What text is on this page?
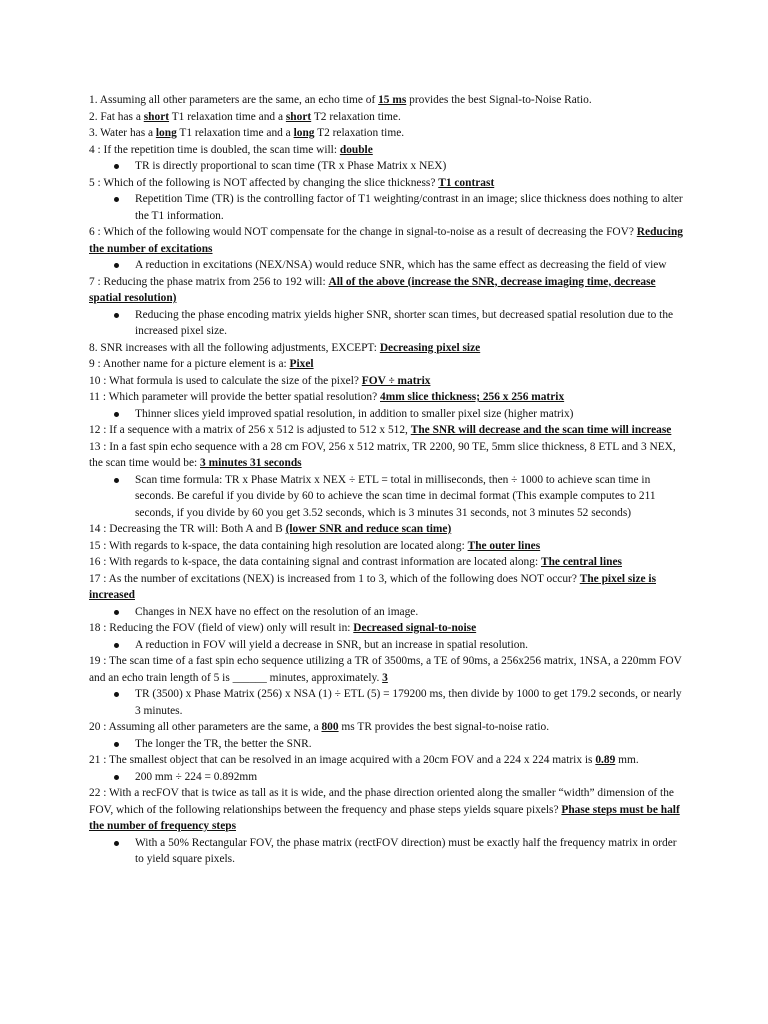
1. Assuming all other parameters are the same, an echo time of 15 ms provides the best Signal-to-Noise Ratio.

2. Fat has a short T1 relaxation time and a short T2 relaxation time.

3. Water has a long T1 relaxation time and a long T2 relaxation time.

4 : If the repetition time is doubled, the scan time will: double

TR is directly proportional to scan time (TR x Phase Matrix x NEX)

5 : Which of the following is NOT affected by changing the slice thickness? T1 contrast

Repetition Time (TR) is the controlling factor of T1 weighting/contrast in an image; slice thickness does nothing to alter the T1 information.

6 : Which of the following would NOT compensate for the change in signal-to-noise as a result of decreasing the FOV? Reducing the number of excitations

A reduction in excitations (NEX/NSA) would reduce SNR, which has the same effect as decreasing the field of view

7 : Reducing the phase matrix from 256 to 192 will: All of the above (increase the SNR, decrease imaging time, decrease spatial resolution)

Reducing the phase encoding matrix yields higher SNR, shorter scan times, but decreased spatial resolution due to the increased pixel size.

8. SNR increases with all the following adjustments, EXCEPT: Decreasing pixel size

9 : Another name for a picture element is a: Pixel

10 : What formula is used to calculate the size of the pixel? FOV ÷ matrix

11 : Which parameter will provide the better spatial resolution? 4mm slice thickness; 256 x 256 matrix

Thinner slices yield improved spatial resolution, in addition to smaller pixel size (higher matrix)

12 : If a sequence with a matrix of 256 x 512 is adjusted to 512 x 512, The SNR will decrease and the scan time will increase

13 : In a fast spin echo sequence with a 28 cm FOV, 256 x 512 matrix, TR 2200, 90 TE, 5mm slice thickness, 8 ETL and 3 NEX, the scan time would be: 3 minutes 31 seconds

Scan time formula: TR x Phase Matrix x NEX ÷ ETL = total in milliseconds, then ÷ 1000 to achieve scan time in seconds. Be careful if you divide by 60 to achieve the scan time in decimal format (This example computes to 211 seconds, if you divide by 60 you get 3.52 seconds, which is 3 minutes 31 seconds, not 3 minutes 52 seconds)

14 : Decreasing the TR will: Both A and B (lower SNR and reduce scan time)

15 : With regards to k-space, the data containing high resolution are located along: The outer lines

16 : With regards to k-space, the data containing signal and contrast information are located along: The central lines

17 : As the number of excitations (NEX) is increased from 1 to 3, which of the following does NOT occur? The pixel size is increased

Changes in NEX have no effect on the resolution of an image.

18 : Reducing the FOV (field of view) only will result in: Decreased signal-to-noise

A reduction in FOV will yield a decrease in SNR, but an increase in spatial resolution.

19 : The scan time of a fast spin echo sequence utilizing a TR of 3500ms, a TE of 90ms, a 256x256 matrix, 1NSA, a 220mm FOV and an echo train length of 5 is ______ minutes, approximately. 3

TR (3500) x Phase Matrix (256) x NSA (1) ÷ ETL (5) = 179200 ms, then divide by 1000 to get 179.2 seconds, or nearly 3 minutes.

20 : Assuming all other parameters are the same, a 800 ms TR provides the best signal-to-noise ratio.

The longer the TR, the better the SNR.

21 : The smallest object that can be resolved in an image acquired with a 20cm FOV and a 224 x 224 matrix is 0.89 mm.

200 mm ÷ 224 = 0.892mm

22 : With a recFOV that is twice as tall as it is wide, and the phase direction oriented along the smaller “width” dimension of the FOV, which of the following relationships between the frequency and phase steps yields square pixels? Phase steps must be half the number of frequency steps

With a 50% Rectangular FOV, the phase matrix (rectFOV direction) must be exactly half the frequency matrix in order to yield square pixels.
